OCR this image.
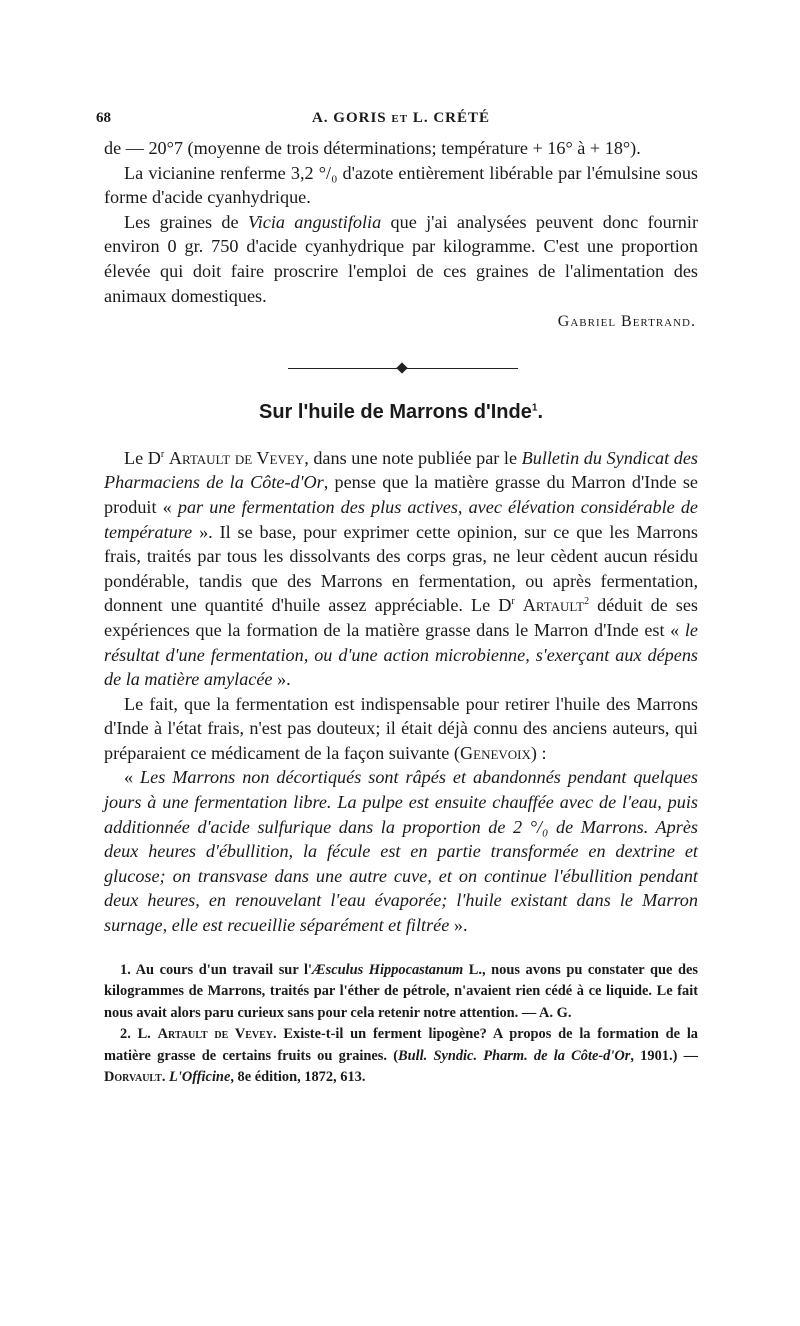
68	A. GORIS et L. CRÉTÉ

de — 20°7 (moyenne de trois déterminations; température + 16° à + 18°).

La vicianine renferme 3,2 °/₀ d'azote entièrement libérable par l'émulsine sous forme d'acide cyanhydrique.

Les graines de Vicia angustifolia que j'ai analysées peuvent donc fournir environ 0 gr. 750 d'acide cyanhydrique par kilogramme. C'est une proportion élevée qui doit faire proscrire l'emploi de ces graines de l'alimentation des animaux domestiques.

Gabriel Bertrand.
Sur l'huile de Marrons d'Inde$^1$.

Le $D^r$ Artault de Vevey, dans une note publiée par le Bulletin du Syndicat des Pharmaciens de la Côte-d'Or, pense que la matière grasse du Marron d'Inde se produit « par une fermentation des plus actives, avec élévation considérable de température ». Il se base, pour exprimer cette opinion, sur ce que les Marrons frais, traités par tous les dissolvants des corps gras, ne leur cèdent aucun résidu pondérable, tandis que des Marrons en fermentation, ou après fermentation, donnent une quantité d'huile assez appréciable. Le $D^r$ Artault$^2$ déduit de ses expériences que la formation de la matière grasse dans le Marron d'Inde est « le résultat d'une fermentation, ou d'une action microbienne, s'exerçant aux dépens de la matière amylacée ».

Le fait, que la fermentation est indispensable pour retirer l'huile des Marrons d'Inde à l'état frais, n'est pas douteux; il était déjà connu des anciens auteurs, qui préparaient ce médicament de la façon suivante (Genevoix) :

« Les Marrons non décortiqués sont râpés et abandonnés pendant quelques jours à une fermentation libre. La pulpe est ensuite chauffée avec de l'eau, puis additionnée d'acide sulfurique dans la proportion de 2 °/₀ de Marrons. Après deux heures d'ébullition, la fécule est en partie transformée en dextrine et glucose; on transvase dans une autre cuve, et on continue l'ébullition pendant deux heures, en renouvelant l'eau évaporée; l'huile existant dans le Marron surnage, elle est recueillie séparément et filtrée ».

1. Au cours d'un travail sur l'Æsculus Hippocastanum L., nous avons pu constater que des kilogrammes de Marrons, traités par l'éther de pétrole, n'avaient rien cédé à ce liquide. Le fait nous avait alors paru curieux sans pour cela retenir notre attention. — A. G.

2. L. Artault de Vevey. Existe-t-il un ferment lipogène? A propos de la formation de la matière grasse de certains fruits ou graines. (Bull. Syndic. Pharm. de la Côte-d'Or, 1901.) — Dorvault. L'Officine, 8e édition, 1872, 613.
